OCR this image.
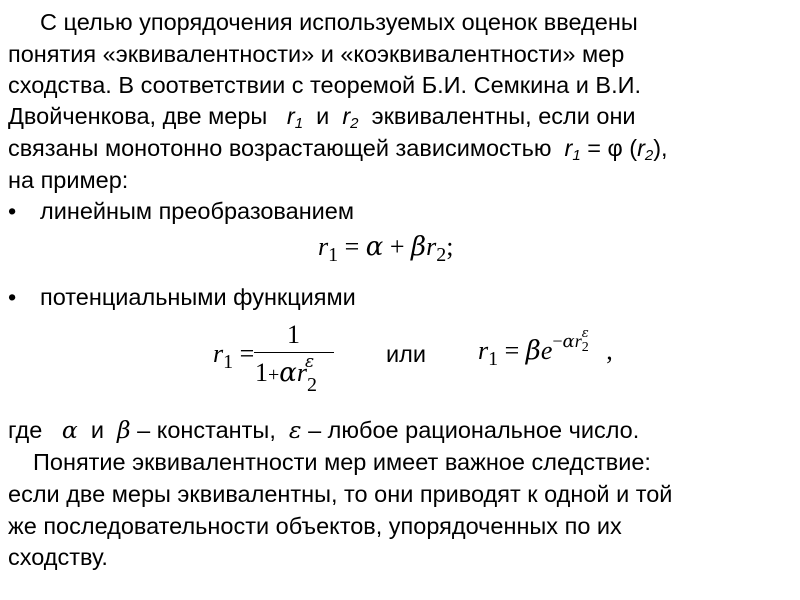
С целью упорядочения используемых оценок введены
понятия «эквивалентности» и «коэквивалентности» мер
сходства. В соответствии с теоремой Б.И. Семкина и В.И.
Двойченкова, две меры $r_1$ и $r_2$ эквивалентны, если они
связаны монотонно возрастающей зависимостью $r_1 = \varphi$ $(r_2)$,
на пример:
• линейным преобразованием
$r_1 = \alpha + \beta r_2$;
• потенциальными функциями
$r_1$ =
1
$1+\alpha r_2^\varepsilon$	или $r_1 = \beta e^{-\alpha r_2^\varepsilon}$ ,
где α и β – константы, ε – любое рациональное число.
Понятие эквивалентности мер имеет важное следствие:
если две меры эквивалентны, то они приводят к одной и той
же последовательности объектов, упорядоченных по их
сходству.
